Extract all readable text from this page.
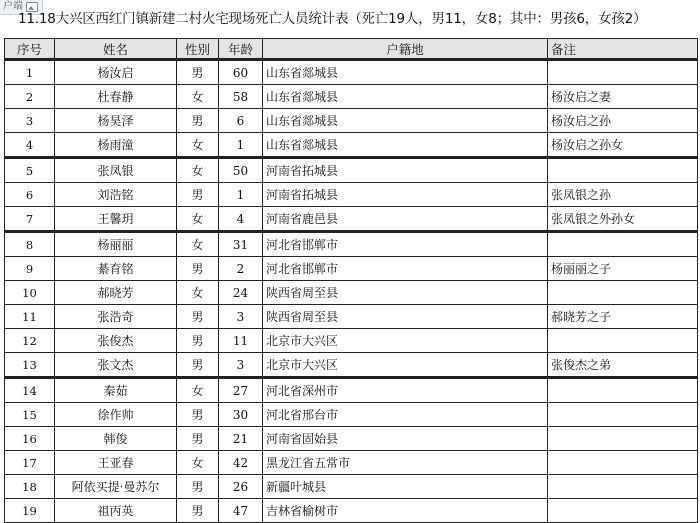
户端
11.18大兴区西红门镇新建二村火宅现场死亡人员统计表（死亡19人，男11，女8；其中：男孩6，女孩2）
序号	姓名	性别	年龄	户籍地	备注
1	杨汝启	男	60	山东省郯城县	
2	杜春静	女	58	山东省郯城县	杨汝启之妻
3	杨昊泽	男	6	山东省郯城县	杨汝启之孙
4	杨雨潼	女	1	山东省郯城县	杨汝启之孙女
5	张凤银	女	50	河南省拓城县	
6	刘浩铭	男	1	河南省拓城县	张凤银之孙
7	王馨玥	女	4	河南省鹿邑县	张凤银之外孙女
8	杨丽丽	女	31	河北省邯郸市	
9	綦育铭	男	2	河北省邯郸市	杨丽丽之子
10	郝晓芳	女	24	陕西省周至县	
11	张浩奇	男	3	陕西省周至县	郝晓芳之子
12	张俊杰	男	11	北京市大兴区	
13	张文杰	男	3	北京市大兴区	张俊杰之弟
14	秦茹	女	27	河北省深州市	
15	徐作帅	男	30	河北省邢台市	
16	韩俊	男	21	河南省固始县	
17	王亚春	女	42	黑龙江省五常市	
18	阿依买提·曼苏尔	男	26	新疆叶城县	
19	祖丙英	男	47	吉林省榆树市	
